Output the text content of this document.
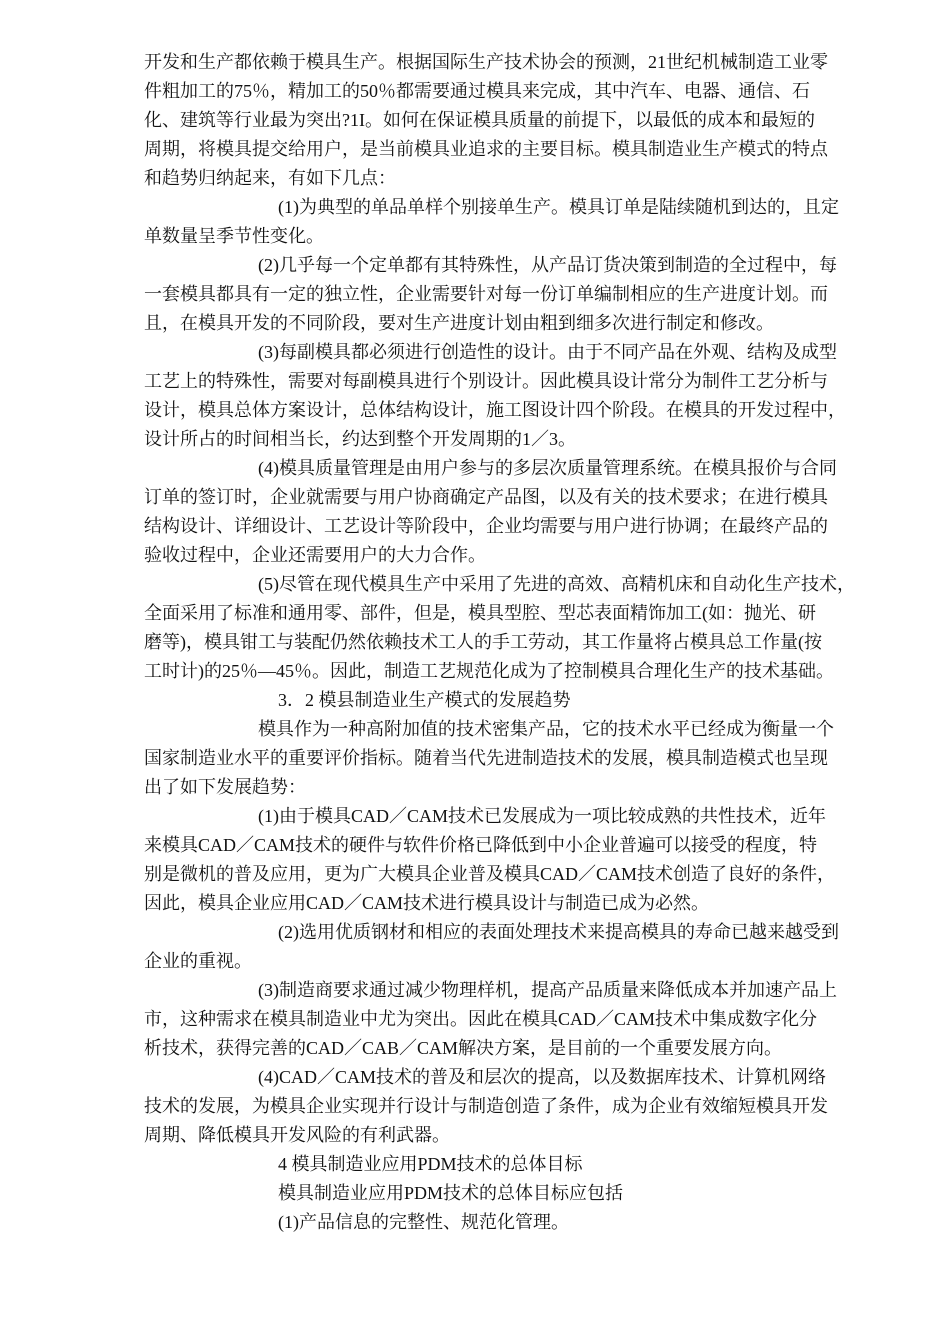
开发和生产都依赖于模具生产。根据国际生产技术协会的预测，21世纪机械制造工业零
件粗加工的75％，精加工的50％都需要通过模具来完成，其中汽车、电器、通信、石
化、建筑等行业最为突出?1I。如何在保证模具质量的前提下，以最低的成本和最短的
周期，将模具提交给用户，是当前模具业追求的主要目标。模具制造业生产模式的特点
和趋势归纳起来，有如下几点：
(1)为典型的单品单样个别接单生产。模具订单是陆续随机到达的，且定
单数量呈季节性变化。
(2)几乎每一个定单都有其特殊性，从产品订货决策到制造的全过程中，每
一套模具都具有一定的独立性，企业需要针对每一份订单编制相应的生产进度计划。而
且，在模具开发的不同阶段，要对生产进度计划由粗到细多次进行制定和修改。
(3)每副模具都必须进行创造性的设计。由于不同产品在外观、结构及成型
工艺上的特殊性，需要对每副模具进行个别设计。因此模具设计常分为制件工艺分析与
设计，模具总体方案设计，总体结构设计，施工图设计四个阶段。在模具的开发过程中，
设计所占的时间相当长，约达到整个开发周期的1／3。
(4)模具质量管理是由用户参与的多层次质量管理系统。在模具报价与合同
订单的签订时，企业就需要与用户协商确定产品图，以及有关的技术要求；在进行模具
结构设计、详细设计、工艺设计等阶段中，企业均需要与用户进行协调；在最终产品的
验收过程中，企业还需要用户的大力合作。
(5)尽管在现代模具生产中采用了先进的高效、高精机床和自动化生产技术，
全面采用了标准和通用零、部件，但是，模具型腔、型芯表面精饰加工(如：抛光、研
磨等)，模具钳工与装配仍然依赖技术工人的手工劳动，其工作量将占模具总工作量(按
工时计)的25％—45％。因此，制造工艺规范化成为了控制模具合理化生产的技术基础。
3．2 模县制造业生产模式的发展趋势
模具作为一种高附加值的技术密集产品，它的技术水平已经成为衡量一个
国家制造业水平的重要评价指标。随着当代先进制造技术的发展，模具制造模式也呈现
出了如下发展趋势：
(1)由于模具CAD／CAM技术已发展成为一项比较成熟的共性技术，近年
来模具CAD／CAM技术的硬件与软件价格已降低到中小企业普遍可以接受的程度，特
别是微机的普及应用，更为广大模具企业普及模具CAD／CAM技术创造了良好的条件，
因此，模具企业应用CAD／CAM技术进行模具设计与制造已成为必然。
(2)选用优质钢材和相应的表面处理技术来提高模具的寿命已越来越受到
企业的重视。
(3)制造商要求通过减少物理样机，提高产品质量来降低成本并加速产品上
市，这种需求在模具制造业中尤为突出。因此在模具CAD／CAM技术中集成数字化分
析技术，获得完善的CAD／CAB／CAM解决方案，是目前的一个重要发展方向。
(4)CAD／CAM技术的普及和层次的提高，以及数据库技术、计算机网络
技术的发展，为模具企业实现并行设计与制造创造了条件，成为企业有效缩短模具开发
周期、降低模具开发风险的有利武器。
4 模具制造业应用PDM技术的总体目标
模具制造业应用PDM技术的总体目标应包括
(1)产品信息的完整性、规范化管理。
